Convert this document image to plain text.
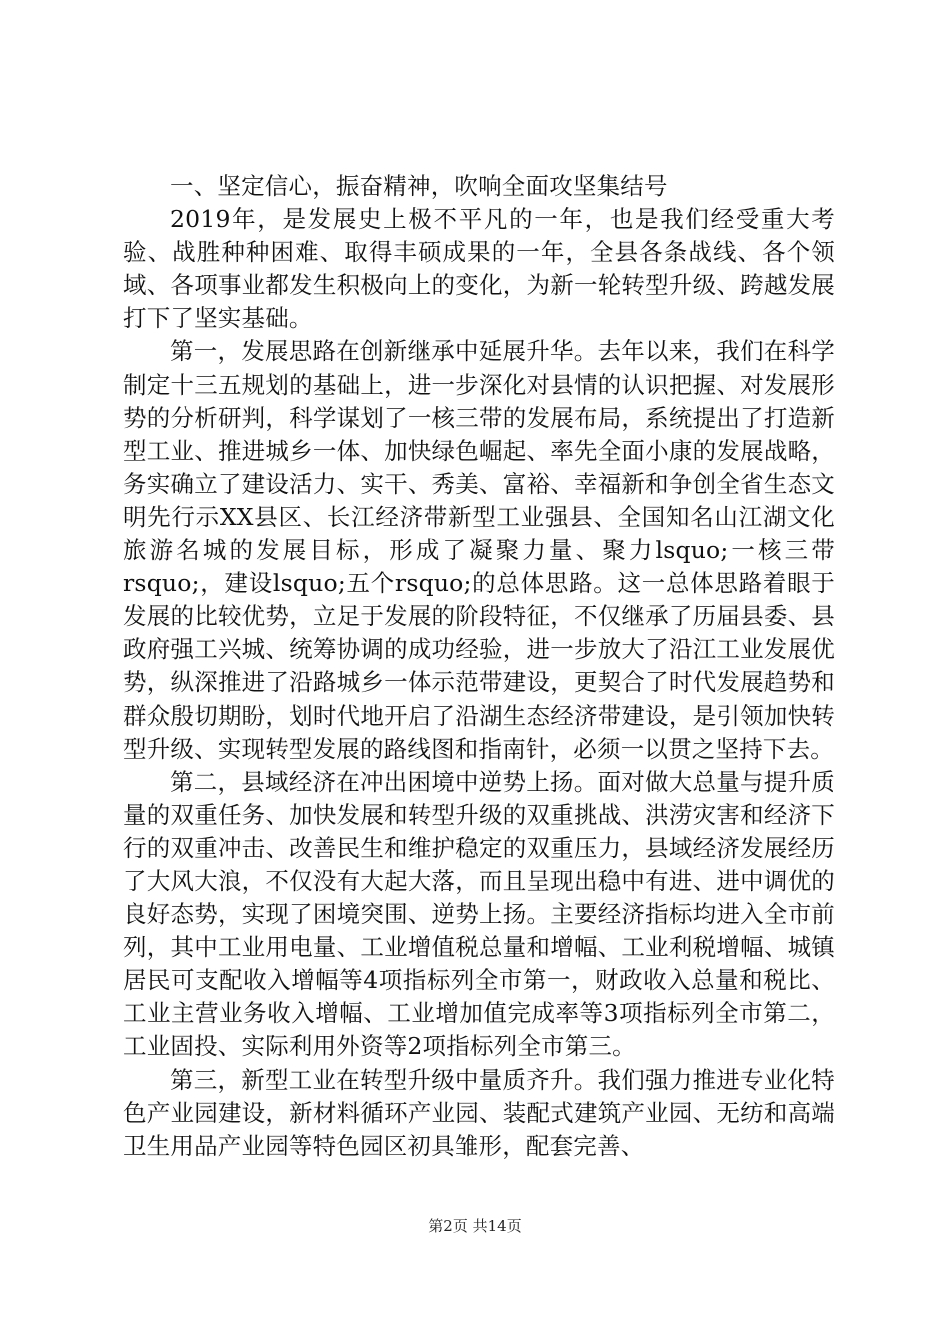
一、坚定信心，振奋精神，吹响全面攻坚集结号

2019年，是发展史上极不平凡的一年，也是我们经受重大考验、战胜种种困难、取得丰硕成果的一年，全县各条战线、各个领域、各项事业都发生积极向上的变化，为新一轮转型升级、跨越发展打下了坚实基础。

第一，发展思路在创新继承中延展升华。去年以来，我们在科学制定十三五规划的基础上，进一步深化对县情的认识把握、对发展形势的分析研判，科学谋划了一核三带的发展布局，系统提出了打造新型工业、推进城乡一体、加快绿色崛起、率先全面小康的发展战略，务实确立了建设活力、实干、秀美、富裕、幸福新和争创全省生态文明先行示XX县区、长江经济带新型工业强县、全国知名山江湖文化旅游名城的发展目标，形成了凝聚力量、聚力lsquo;一核三带rsquo;，建设lsquo;五个rsquo;的总体思路。这一总体思路着眼于发展的比较优势，立足于发展的阶段特征，不仅继承了历届县委、县政府强工兴城、统筹协调的成功经验，进一步放大了沿江工业发展优势，纵深推进了沿路城乡一体示范带建设，更契合了时代发展趋势和群众殷切期盼，划时代地开启了沿湖生态经济带建设，是引领加快转型升级、实现转型发展的路线图和指南针，必须一以贯之坚持下去。

第二，县域经济在冲出困境中逆势上扬。面对做大总量与提升质量的双重任务、加快发展和转型升级的双重挑战、洪涝灾害和经济下行的双重冲击、改善民生和维护稳定的双重压力，县域经济发展经历了大风大浪，不仅没有大起大落，而且呈现出稳中有进、进中调优的良好态势，实现了困境突围、逆势上扬。主要经济指标均进入全市前列，其中工业用电量、工业增值税总量和增幅、工业利税增幅、城镇居民可支配收入增幅等4项指标列全市第一，财政收入总量和税比、工业主营业务收入增幅、工业增加值完成率等3项指标列全市第二，工业固投、实际利用外资等2项指标列全市第三。

第三，新型工业在转型升级中量质齐升。我们强力推进专业化特色产业园建设，新材料循环产业园、装配式建筑产业园、无纺和高端卫生用品产业园等特色园区初具雏形，配套完善、

第2页 共14页
